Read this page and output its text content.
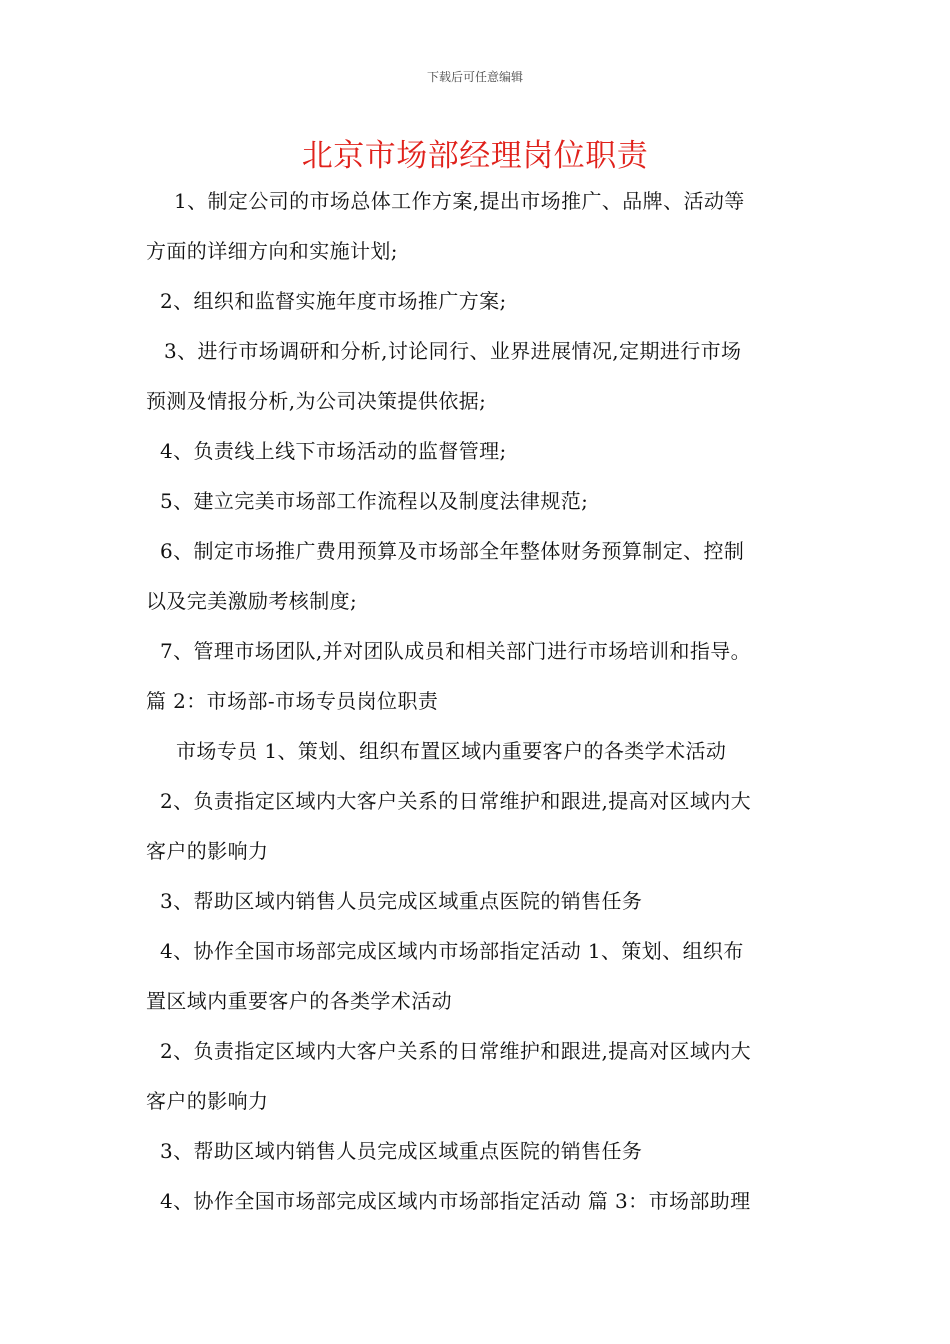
下载后可任意编辑
北京市场部经理岗位职责
1、制定公司的市场总体工作方案,提出市场推广、品牌、活动等
方面的详细方向和实施计划;
2、组织和监督实施年度市场推广方案;
3、进行市场调研和分析,讨论同行、业界进展情况,定期进行市场
预测及情报分析,为公司决策提供依据;
4、负责线上线下市场活动的监督管理;
5、建立完美市场部工作流程以及制度法律规范;
6、制定市场推广费用预算及市场部全年整体财务预算制定、控制
以及完美激励考核制度;
7、管理市场团队,并对团队成员和相关部门进行市场培训和指导。
篇 2：市场部-市场专员岗位职责
市场专员 1、策划、组织布置区域内重要客户的各类学术活动
2、负责指定区域内大客户关系的日常维护和跟进,提高对区域内大
客户的影响力
3、帮助区域内销售人员完成区域重点医院的销售任务
4、协作全国市场部完成区域内市场部指定活动 1、策划、组织布
置区域内重要客户的各类学术活动
2、负责指定区域内大客户关系的日常维护和跟进,提高对区域内大
客户的影响力
3、帮助区域内销售人员完成区域重点医院的销售任务
4、协作全国市场部完成区域内市场部指定活动 篇 3：市场部助理
